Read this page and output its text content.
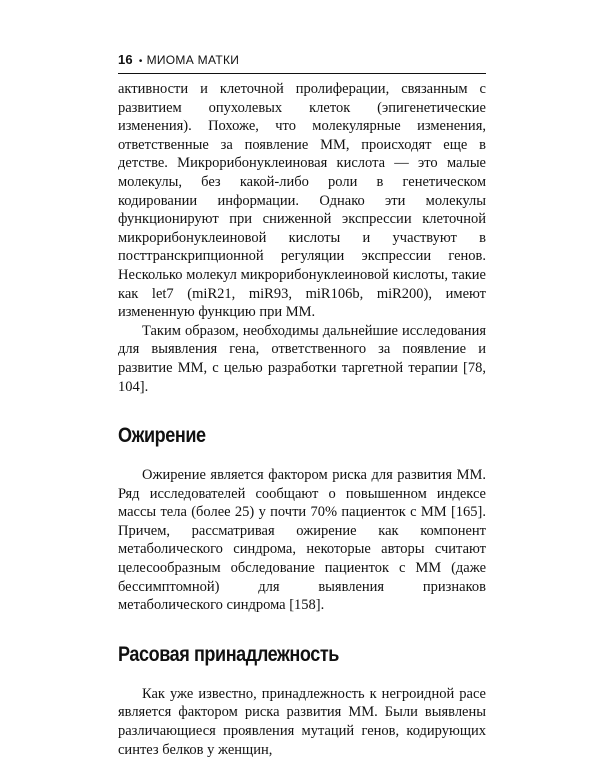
16 • МИОМА МАТКИ

активности и клеточной пролиферации, связанным с развитием опухолевых клеток (эпигенетические изменения). Похоже, что молекулярные изменения, ответственные за появление ММ, происходят еще в детстве. Микрорибонуклеиновая кислота — это малые молекулы, без какой-либо роли в генетическом кодировании информации. Однако эти молекулы функционируют при сниженной экспрессии клеточной микрорибонуклеиновой кислоты и участвуют в посттранскрипционной регуляции экспрессии генов. Несколько молекул микрорибонуклеиновой кислоты, такие как let7 (miR21, miR93, miR106b, miR200), имеют измененную функцию при ММ.

Таким образом, необходимы дальнейшие исследования для выявления гена, ответственного за появление и развитие ММ, с целью разработки таргетной терапии [78, 104].

Ожирение

Ожирение является фактором риска для развития ММ. Ряд исследователей сообщают о повышенном индексе массы тела (более 25) у почти 70% пациенток с ММ [165]. Причем, рассматривая ожирение как компонент метаболического синдрома, некоторые авторы считают целесообразным обследование пациенток с ММ (даже бессимптомной) для выявления признаков метаболического синдрома [158].

Расовая принадлежность

Как уже известно, принадлежность к негроидной расе является фактором риска развития ММ. Были выявлены различающиеся проявления мутаций генов, кодирующих синтез белков у женщин,
